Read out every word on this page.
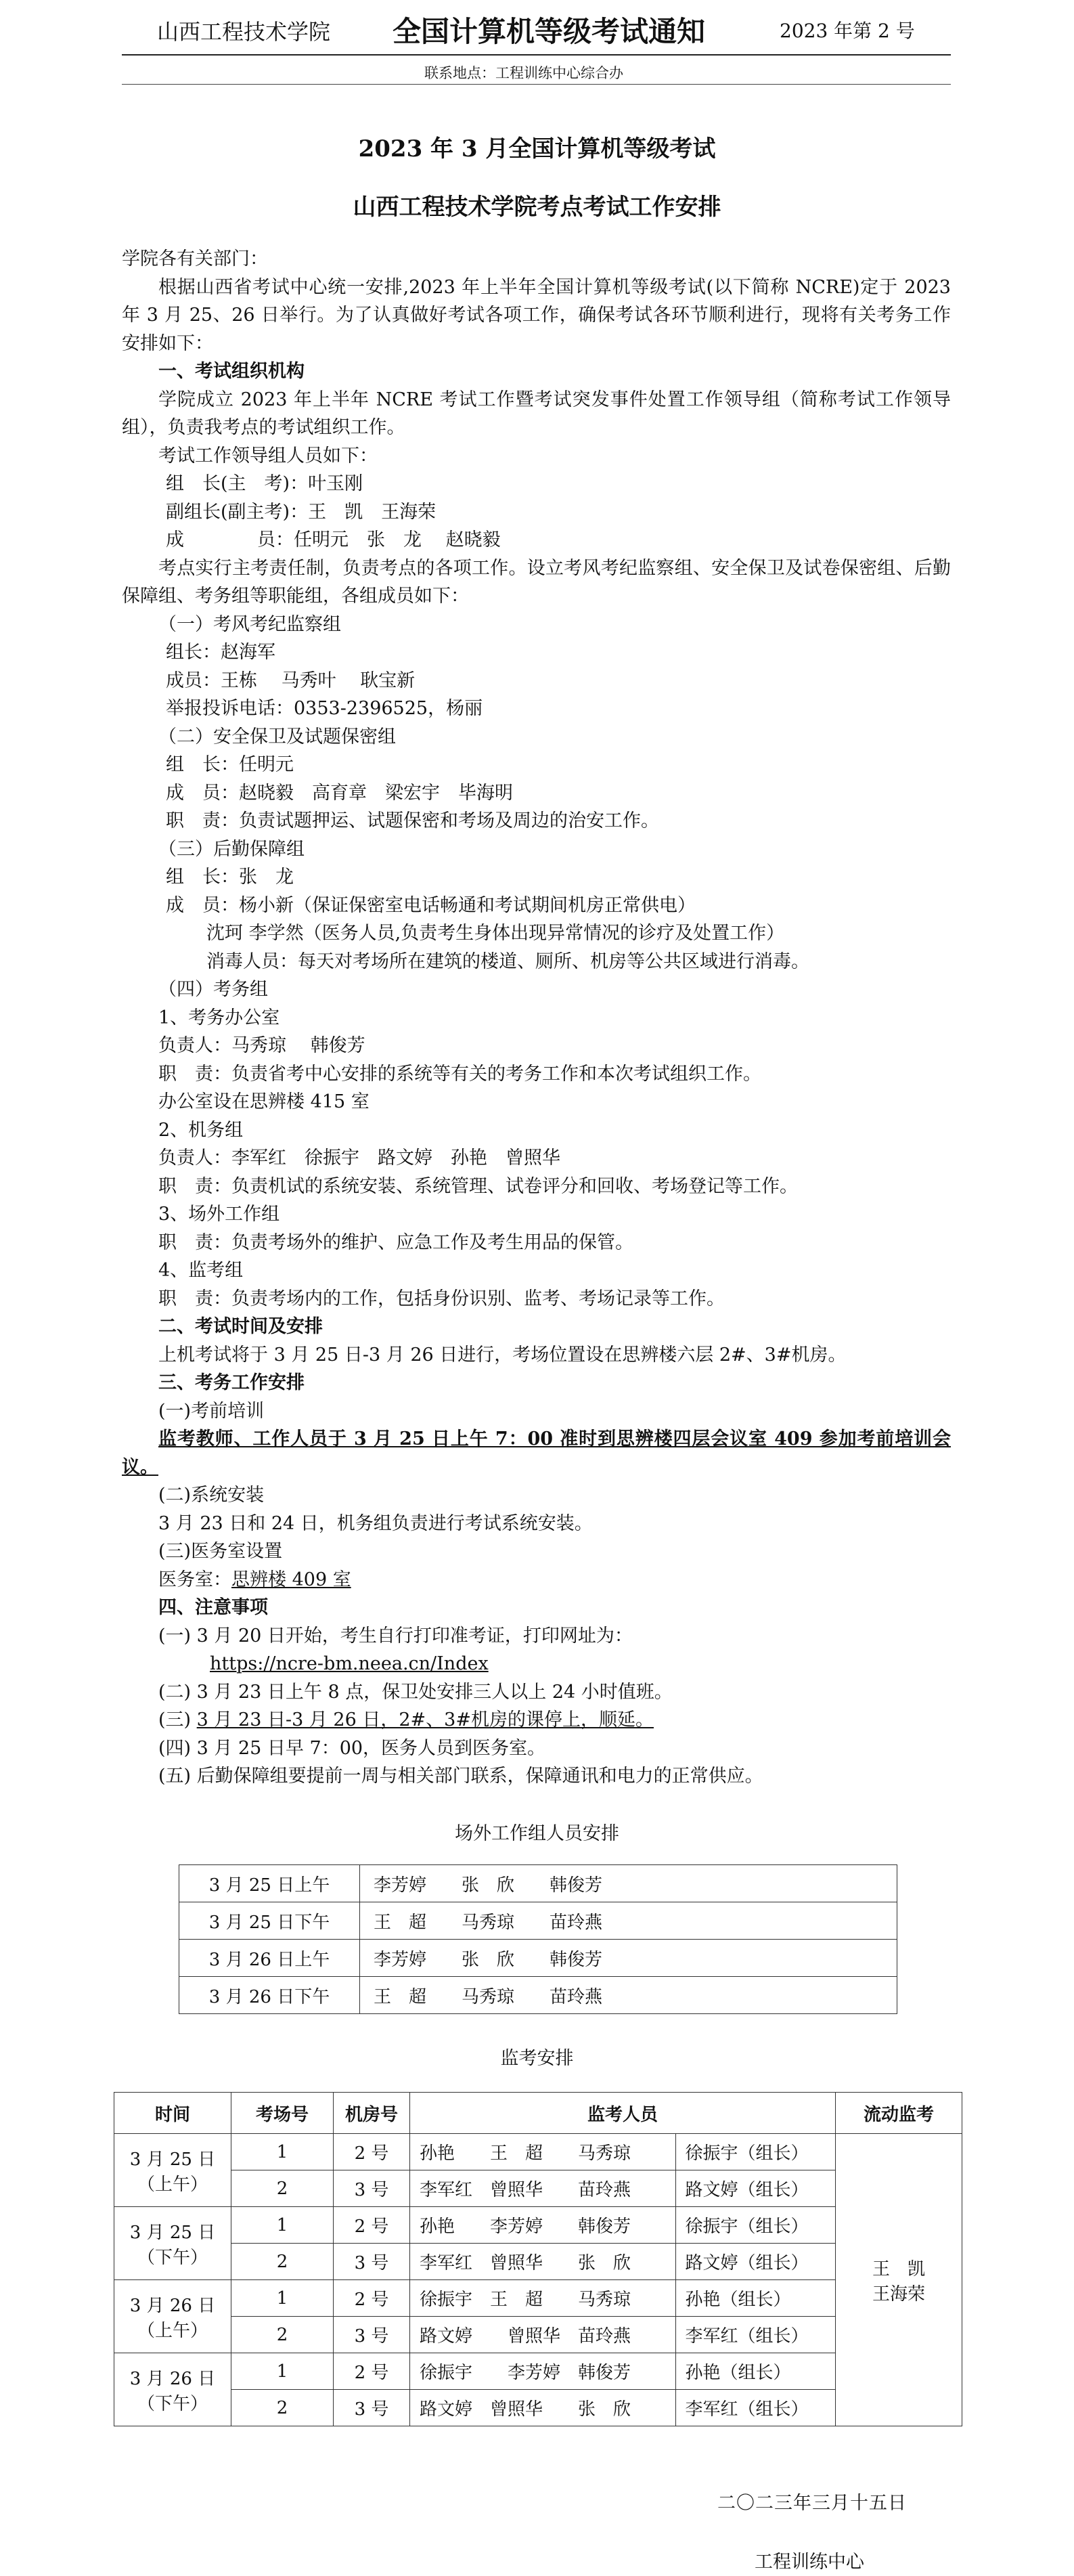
山西工程技术学院 全国计算机等级考试通知	2023 年第 2 号
联系地点：工程训练中心综合办
2023 年 3 月全国计算机等级考试
山西工程技术学院考点考试工作安排

学院各有关部门：

根据山西省考试中心统一安排,2023 年上半年全国计算机等级考试(以下简称 NCRE)定于 2023 年 3 月 25、26 日举行。为了认真做好考试各项工作，确保考试各环节顺利进行，现将有关考务工作安排如下：

一、考试组织机构

学院成立 2023 年上半年 NCRE 考试工作暨考试突发事件处置工作领导组（简称考试工作领导组），负责我考点的考试组织工作。

考试工作领导组人员如下：

组　长(主　考)：叶玉刚

副组长(副主考)：王　凯　王海荣

成　　　　员：任明元　张　龙　 赵晓毅

考点实行主考责任制，负责考点的各项工作。设立考风考纪监察组、安全保卫及试卷保密组、后勤保障组、考务组等职能组，各组成员如下：

（一）考风考纪监察组

组长：赵海军

成员：王栋　 马秀叶　 耿宝新

举报投诉电话：0353-2396525，杨丽

（二）安全保卫及试题保密组

组　长：任明元

成　员：赵晓毅　高育章　梁宏宇　毕海明

职　责：负责试题押运、试题保密和考场及周边的治安工作。

（三）后勤保障组

组　长：张　龙

成　员：杨小新（保证保密室电话畅通和考试期间机房正常供电）

沈珂 李学然（医务人员,负责考生身体出现异常情况的诊疗及处置工作）

消毒人员：每天对考场所在建筑的楼道、厕所、机房等公共区域进行消毒。

（四）考务组

1、考务办公室

负责人：马秀琼　 韩俊芳

职　责：负责省考中心安排的系统等有关的考务工作和本次考试组织工作。

办公室设在思辨楼 415 室

2、机务组

负责人：李军红　徐振宇　路文婷　孙艳　曾照华

职　责：负责机试的系统安装、系统管理、试卷评分和回收、考场登记等工作。

3、场外工作组

职　责：负责考场外的维护、应急工作及考生用品的保管。

4、监考组

职　责：负责考场内的工作，包括身份识别、监考、考场记录等工作。

二、考试时间及安排

上机考试将于 3 月 25 日-3 月 26 日进行，考场位置设在思辨楼六层 2#、3#机房。

三、考务工作安排

(一)考前培训

监考教师、工作人员于 3 月 25 日上午 7：00 准时到思辨楼四层会议室 409 参加考前培训会议。

(二)系统安装

3 月 23 日和 24 日，机务组负责进行考试系统安装。

(三)医务室设置

医务室：思辨楼 409 室

四、注意事项

(一) 3 月 20 日开始，考生自行打印准考证，打印网址为：

https://ncre-bm.neea.cn/Index

(二) 3 月 23 日上午 8 点，保卫处安排三人以上 24 小时值班。

(三) 3 月 23 日-3 月 26 日，2#、3#机房的课停上，顺延。

(四) 3 月 25 日早 7：00，医务人员到医务室。

(五) 后勤保障组要提前一周与相关部门联系，保障通讯和电力的正常供应。

场外工作组人员安排
3 月 25 日上午	李芳婷　　张　欣　　韩俊芳
3 月 25 日下午	王　超　　马秀琼　　苗玲燕
3 月 26 日上午	李芳婷　　张　欣　　韩俊芳
3 月 26 日下午	王　超　　马秀琼　　苗玲燕
监考安排
时间	考场号	机房号	监考人员		流动监考
3 月 25 日
（上午）	1	2 号	孙艳　　王　超　　马秀琼	徐振宇（组长）	王　凯
王海荣
	2	3 号	李军红　曾照华　　苗玲燕	路文婷（组长）	
3 月 25 日
（下午）	1	2 号	孙艳　　李芳婷　　韩俊芳	徐振宇（组长）	
	2	3 号	李军红　曾照华　　张　欣	路文婷（组长）	
3 月 26 日
（上午）	1	2 号	徐振宇　王　超　　马秀琼	孙艳（组长）	
	2	3 号	路文婷　　曾照华　苗玲燕	李军红（组长）	
3 月 26 日
（下午）	1	2 号	徐振宇　　李芳婷　韩俊芳	孙艳（组长）	
	2	3 号	路文婷　曾照华　　张　欣	李军红（组长）	
二〇二三年三月十五日
工程训练中心
